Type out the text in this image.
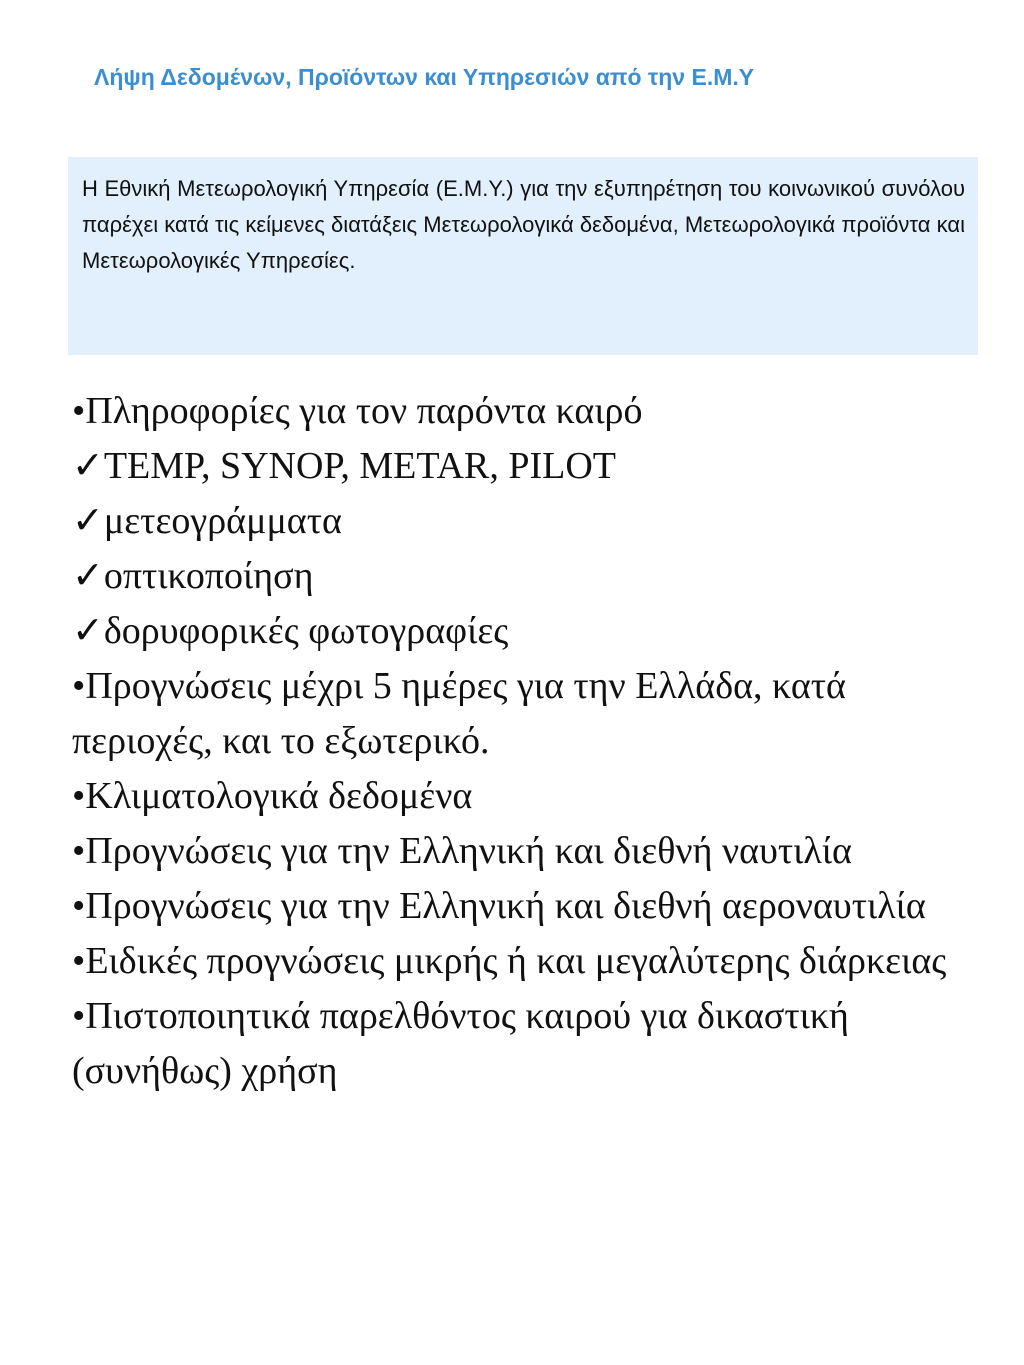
Λήψη Δεδομένων, Προϊόντων και Υπηρεσιών από την Ε.Μ.Υ

Η Εθνική Μετεωρολογική Υπηρεσία (Ε.Μ.Υ.) για την εξυπηρέτηση του κοινωνικού συνόλου παρέχει κατά τις κείμενες διατάξεις Μετεωρολογικά δεδομένα, Μετεωρολογικά προϊόντα και Μετεωρολογικές Υπηρεσίες.

•Πληροφορίες για τον παρόντα καιρό
✓TEMP, SYNOP, METAR, PILOT
✓μετεογράμματα
✓οπτικοποίηση
✓δορυφορικές φωτογραφίες
•Προγνώσεις μέχρι 5 ημέρες για την Ελλάδα, κατά περιοχές, και το εξωτερικό.
•Κλιματολογικά δεδομένα
•Προγνώσεις για την Ελληνική και διεθνή ναυτιλία
•Προγνώσεις για την Ελληνική και διεθνή αεροναυτιλία
•Ειδικές προγνώσεις μικρής ή και μεγαλύτερης διάρκειας
•Πιστοποιητικά παρελθόντος καιρού για δικαστική (συνήθως) χρήση
